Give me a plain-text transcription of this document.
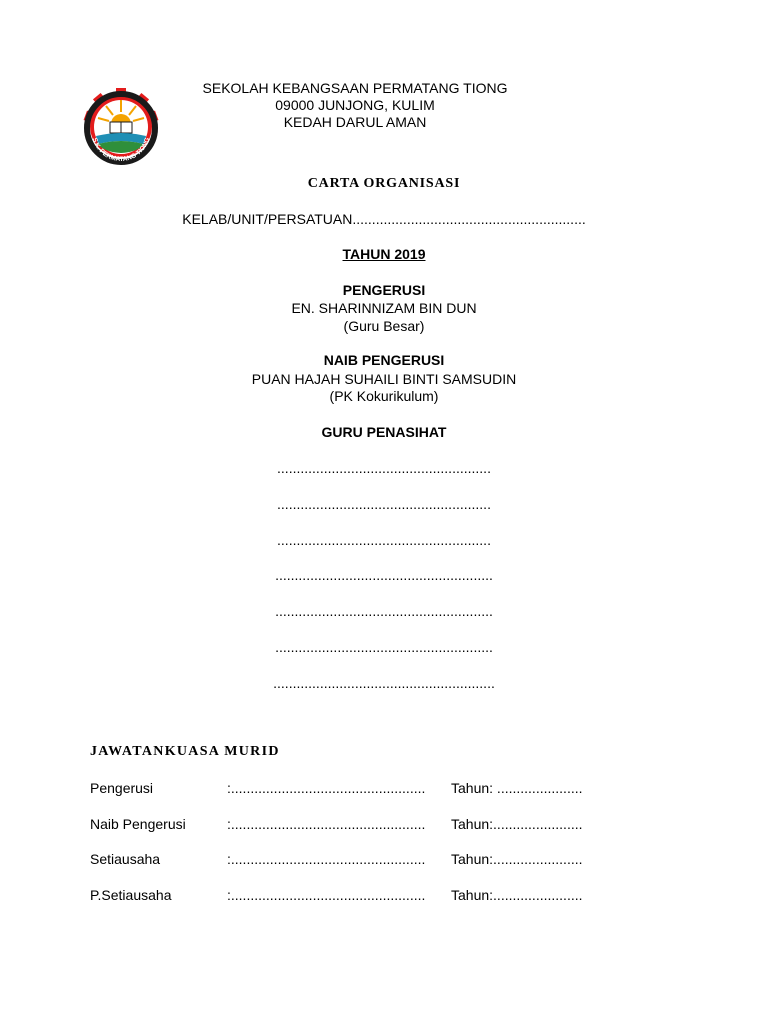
S.K. PERMATANG TIONG
SEKOLAH KEBANGSAAN PERMATANG TIONG
09000 JUNJONG, KULIM
KEDAH DARUL AMAN
CARTA ORGANISASI
KELAB/UNIT/PERSATUAN............................................................
TAHUN 2019
PENGERUSI
EN. SHARINNIZAM BIN DUN
(Guru Besar)
NAIB PENGERUSI
PUAN HAJAH SUHAILI BINTI SAMSUDIN
(PK Kokurikulum)
GURU PENASIHAT
.......................................................
.......................................................
.......................................................
........................................................
........................................................
........................................................
.........................................................
JAWATANKUASA MURID
Pengerusi	:.................................................. Tahun: ......................
Naib Pengerusi	:.................................................. Tahun:.......................
Setiausaha	:.................................................. Tahun:.......................
P.Setiausaha	:.................................................. Tahun:.......................
